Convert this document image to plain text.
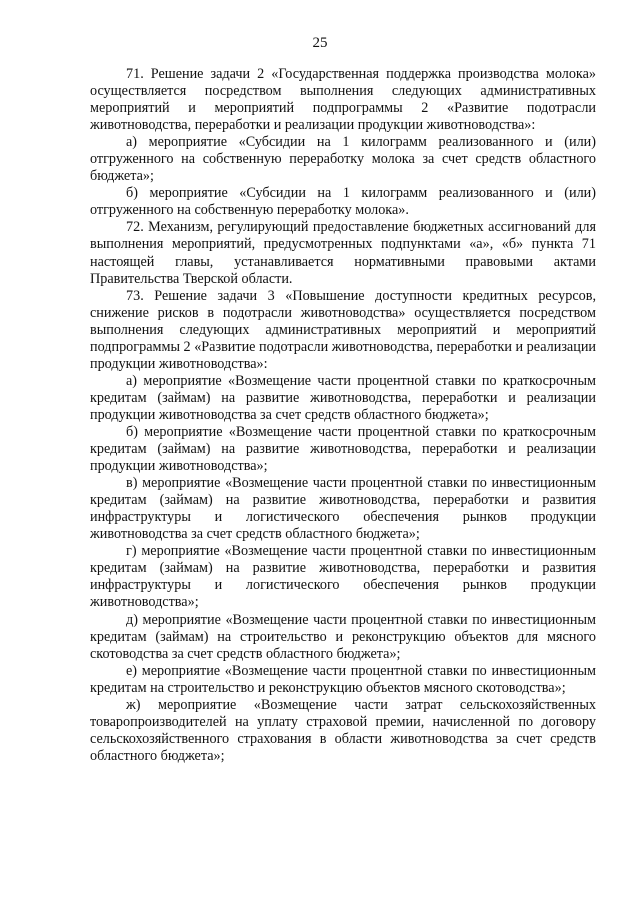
25

71. Решение задачи 2 «Государственная поддержка производства молока» осуществляется посредством выполнения следующих административных мероприятий и мероприятий подпрограммы 2 «Развитие подотрасли животноводства, переработки и реализации продукции животноводства»:

а) мероприятие «Субсидии на 1 килограмм реализованного и (или) отгруженного на собственную переработку молока за счет средств областного бюджета»;

б) мероприятие «Субсидии на 1 килограмм реализованного и (или) отгруженного на собственную переработку молока».

72. Механизм, регулирующий предоставление бюджетных ассигнований для выполнения мероприятий, предусмотренных подпунктами «а», «б» пункта 71 настоящей главы, устанавливается нормативными правовыми актами Правительства Тверской области.

73. Решение задачи 3 «Повышение доступности кредитных ресурсов, снижение рисков в подотрасли животноводства» осуществляется посредством выполнения следующих административных мероприятий и мероприятий подпрограммы 2 «Развитие подотрасли животноводства, переработки и реализации продукции животноводства»:

а) мероприятие «Возмещение части процентной ставки по краткосрочным кредитам (займам) на развитие животноводства, переработки и реализации продукции животноводства за счет средств областного бюджета»;

б) мероприятие «Возмещение части процентной ставки по краткосрочным кредитам (займам) на развитие животноводства, переработки и реализации продукции животноводства»;

в) мероприятие «Возмещение части процентной ставки по инвестиционным кредитам (займам) на развитие животноводства, переработки и развития инфраструктуры и логистического обеспечения рынков продукции животноводства за счет средств областного бюджета»;

г) мероприятие «Возмещение части процентной ставки по инвестиционным кредитам (займам) на развитие животноводства, переработки и развития инфраструктуры и логистического обеспечения рынков продукции животноводства»;

д) мероприятие «Возмещение части процентной ставки по инвестиционным кредитам (займам) на строительство и реконструкцию объектов для мясного скотоводства за счет средств областного бюджета»;

е) мероприятие «Возмещение части процентной ставки по инвестиционным кредитам на строительство и реконструкцию объектов мясного скотоводства»;

ж) мероприятие «Возмещение части затрат сельскохозяйственных товаропроизводителей на уплату страховой премии, начисленной по договору сельскохозяйственного страхования в области животноводства за счет средств областного бюджета»;
